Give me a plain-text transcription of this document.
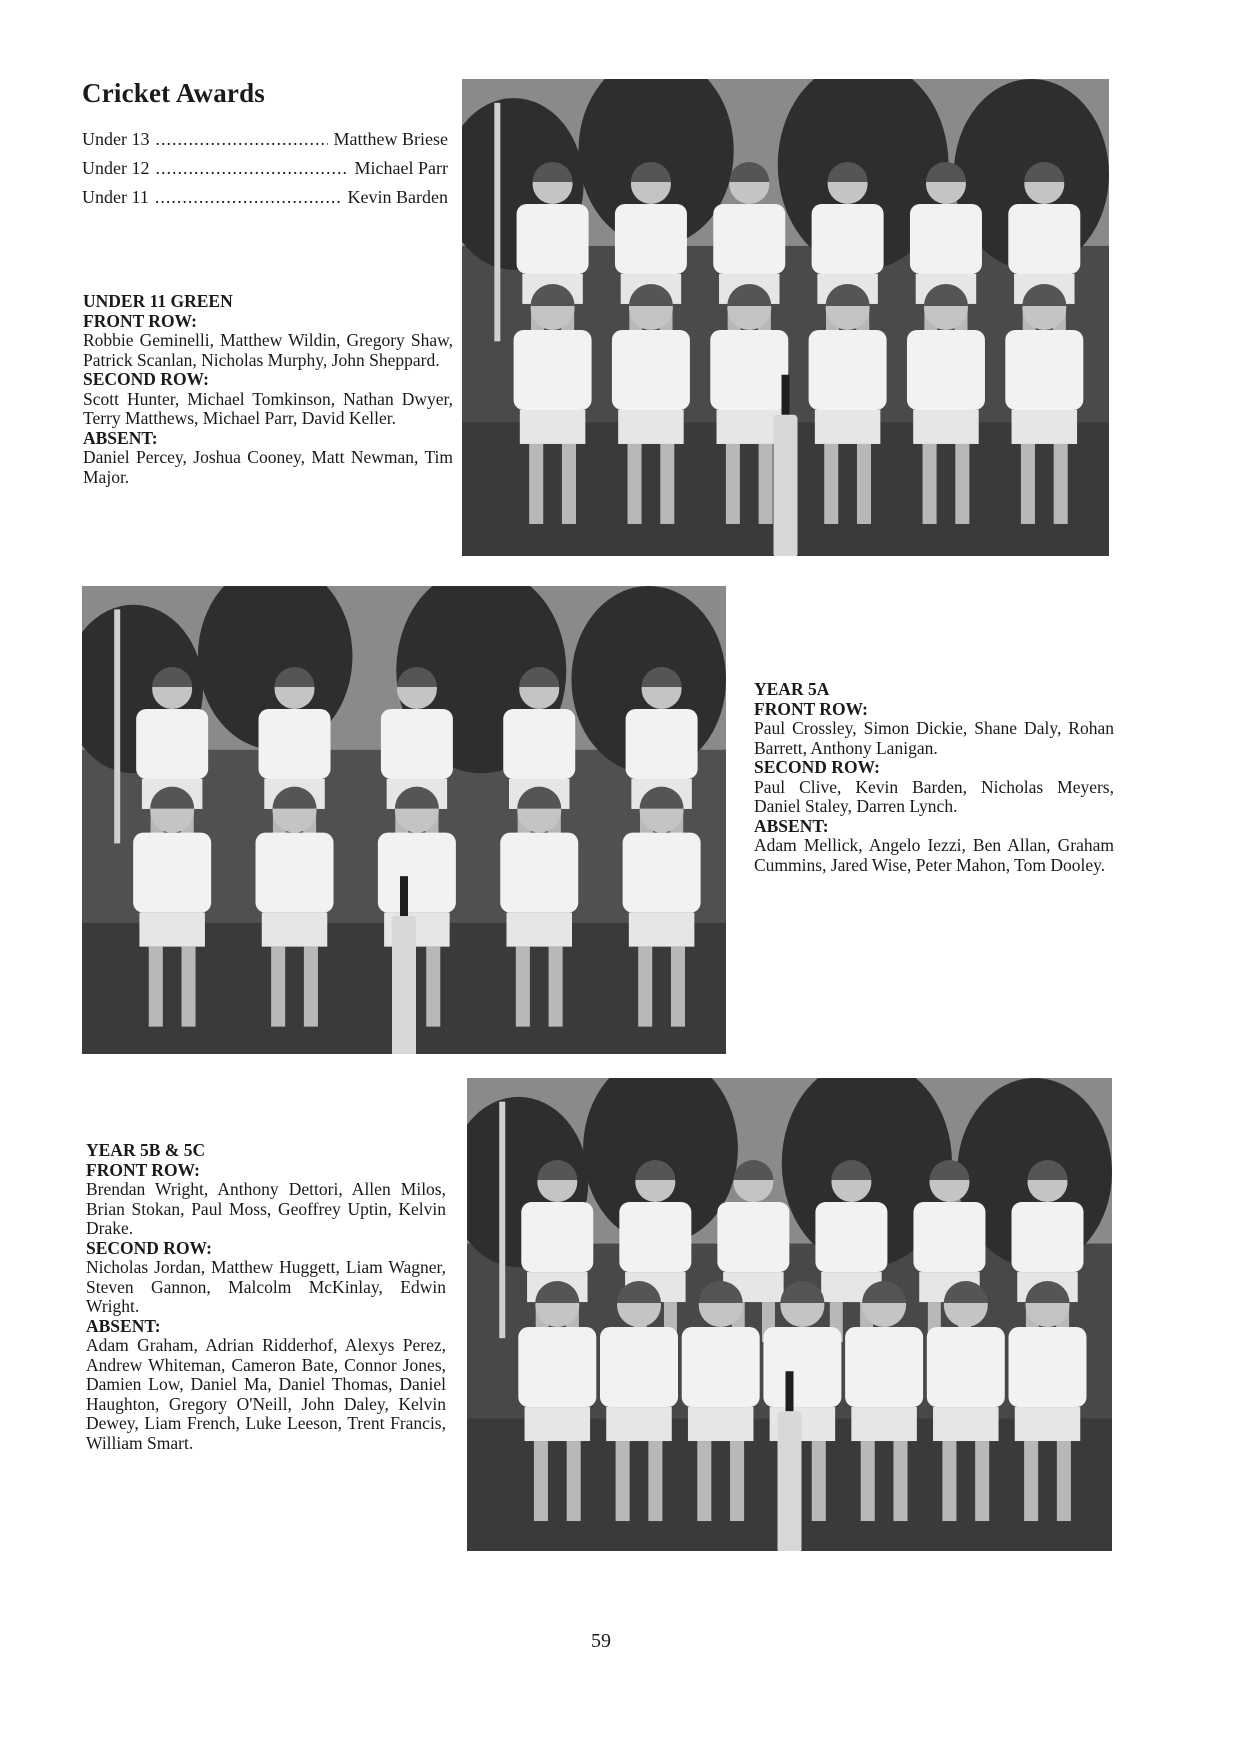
Cricket Awards
Under 13 .....	Matthew Briese
Under 12 .....	Michael Parr
Under 11 .....	Kevin Barden

UNDER 11 GREEN

FRONT ROW:

Robbie Geminelli, Matthew Wildin, Gregory Shaw, Patrick Scanlan, Nicholas Murphy, John Sheppard.

SECOND ROW:

Scott Hunter, Michael Tomkinson, Nathan Dwyer, Terry Matthews, Michael Parr, David Keller.

ABSENT:

Daniel Percey, Joshua Cooney, Matt Newman, Tim Major.

YEAR 5A

FRONT ROW:

Paul Crossley, Simon Dickie, Shane Daly, Rohan Barrett, Anthony Lanigan.

SECOND ROW:

Paul Clive, Kevin Barden, Nicholas Meyers, Daniel Staley, Darren Lynch.

ABSENT:

Adam Mellick, Angelo Iezzi, Ben Allan, Graham Cummins, Jared Wise, Peter Mahon, Tom Dooley.

YEAR 5B & 5C

FRONT ROW:

Brendan Wright, Anthony Dettori, Allen Milos, Brian Stokan, Paul Moss, Geoffrey Uptin, Kelvin Drake.

SECOND ROW:

Nicholas Jordan, Matthew Huggett, Liam Wagner, Steven Gannon, Malcolm McKinlay, Edwin Wright.

ABSENT:

Adam Graham, Adrian Ridderhof, Alexys Perez, Andrew Whiteman, Cameron Bate, Connor Jones, Damien Low, Daniel Ma, Daniel Thomas, Daniel Haughton, Gregory O'Neill, John Daley, Kelvin Dewey, Liam French, Luke Leeson, Trent Francis, William Smart.

59
